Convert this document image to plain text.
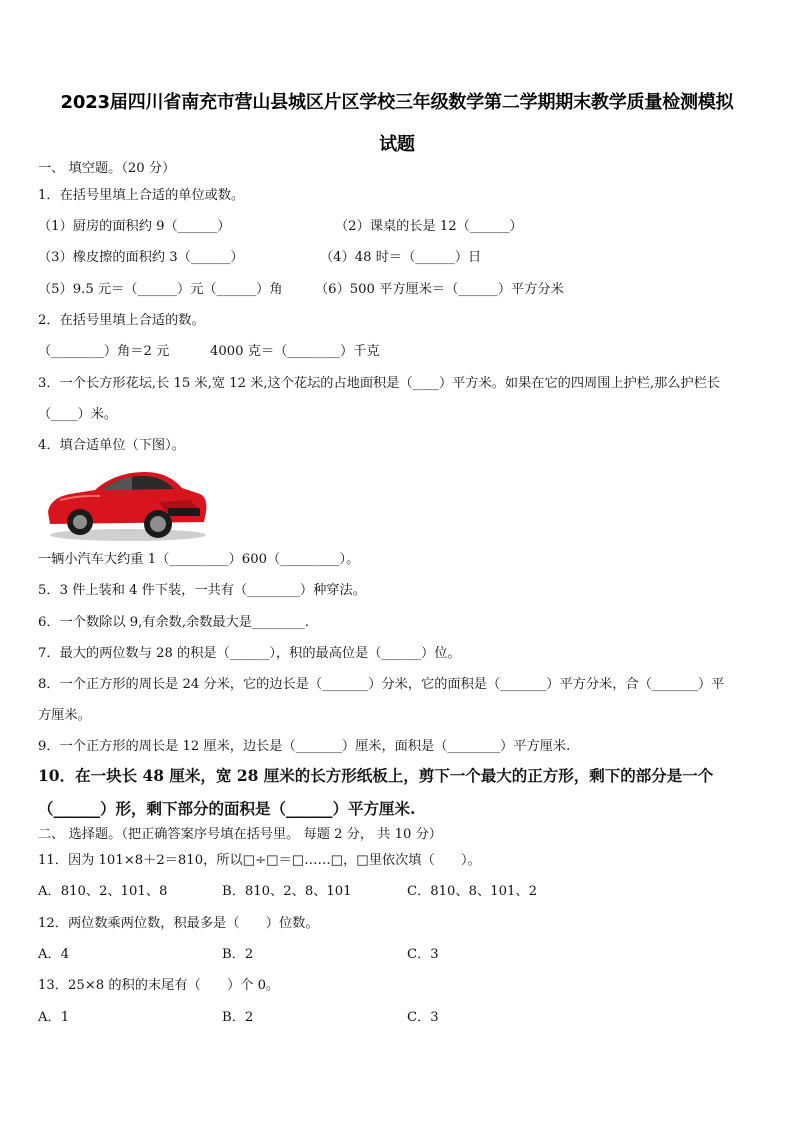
2023届四川省南充市营山县城区片区学校三年级数学第二学期期末教学质量检测模拟
试题
一、 填空题。（20 分）
1．在括号里填上合适的单位或数。
（1）厨房的面积约 9（______）	（2）课桌的长是 12（______）
（3）橡皮擦的面积约 3（______）	（4）48 时＝（______）日
（5）9.5 元＝（______）元（______）角 （6）500 平方厘米＝（______）平方分米
2．在括号里填上合适的数。
（________）角＝2 元	4000 克＝（________）千克
3．一个长方形花坛,长 15 米,宽 12 米,这个花坛的占地面积是（____）平方米。如果在它的四周围上护栏,那么护栏长
（____）米。
4．填合适单位（下图）。
一辆小汽车大约重 1（_________）600（_________）。
5．3 件上装和 4 件下装，一共有（________）种穿法。
6．一个数除以 9,有余数,余数最大是________.
7．最大的两位数与 28 的积是（______），积的最高位是（______）位。
8．一个正方形的周长是 24 分米，它的边长是（_______）分米，它的面积是（_______）平方分米，合（_______）平
方厘米。
9．一个正方形的周长是 12 厘米，边长是（_______）厘米，面积是（________）平方厘米.
10．在一块长 48 厘米，宽 28 厘米的长方形纸板上，剪下一个最大的正方形，剩下的部分是一个
（______）形，剩下部分的面积是（______）平方厘米.
二、 选择题。（把正确答案序号填在括号里。 每题 2 分， 共 10 分）
11．因为 101×8＋2＝810，所以□÷□＝□……□，□里依次填（　　）。
A．810、2、101、8	B．810、2、8、101	C．810、8、101、2
12．两位数乘两位数，积最多是（　　）位数。
A．4	B．2	C．3
13．25×8 的积的末尾有（　　）个 0。
A．1	B．2	C．3
